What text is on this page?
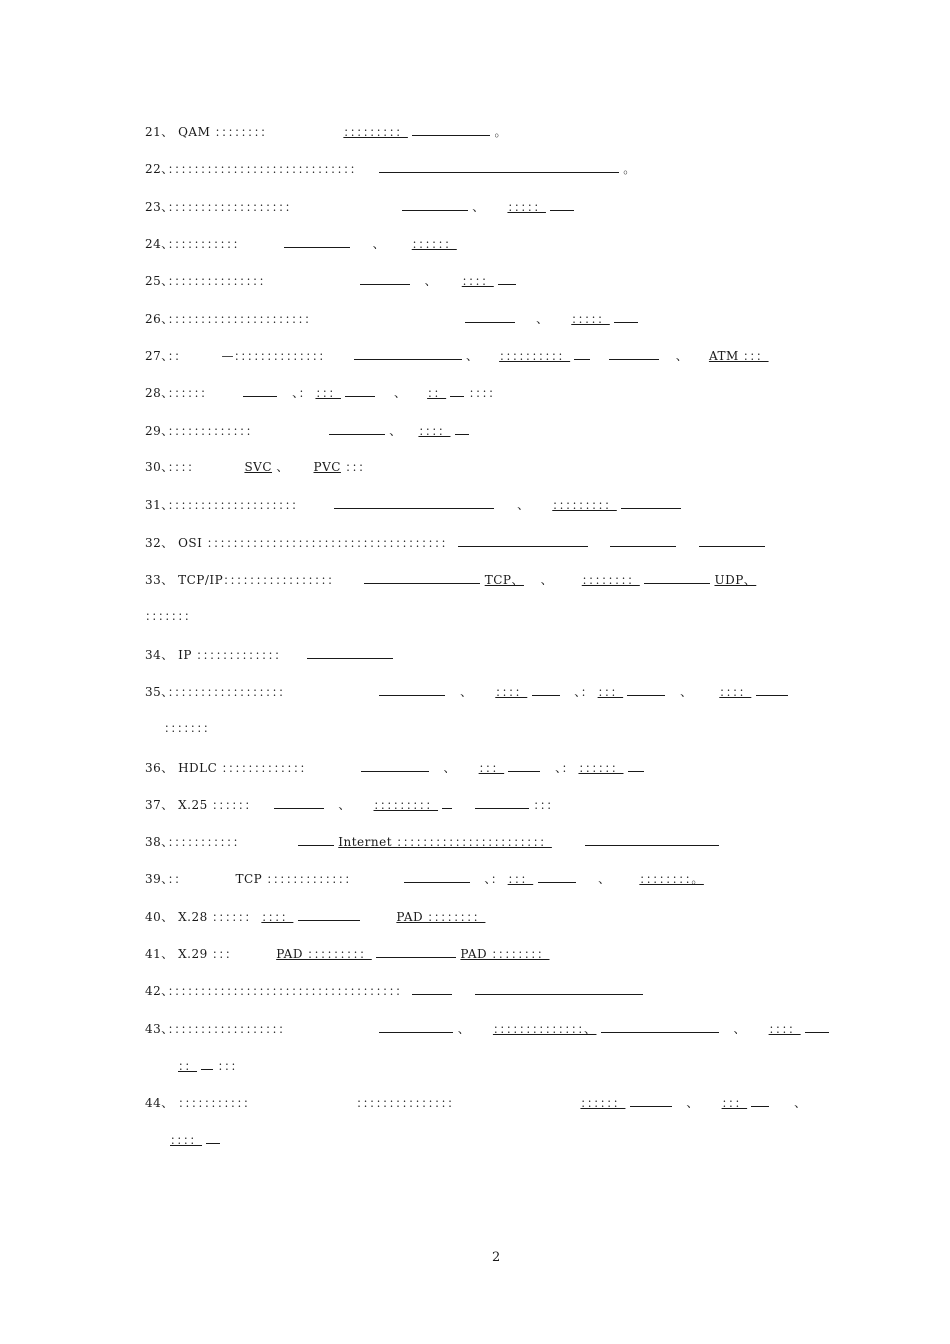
21、 QAM ：：：：：：：：	：：：：：：：：：	。
22、：：：：：：：：：：：：：：：：：：：：：：：：：：：：：	。
23、：：：：：：：：：：：：：：：：：：：	、 ：：：：：
24、：：：：：：：：：：：	、 ：：：：：：
25、：：：：：：：：：：：：：：：	、 ：：：：
26、：：：：：：：：：：：：：：：：：：：：：：	、 ：：：：：
27、：：	—：：：：：：：：：：：：：：	、 ：：：：：：：：：：	、 ATM ：：：
28、：：：：：：	、： ：：：	、 ：： ：：：：
29、：：：：：：：：：：：：：	、 ：：：：
30、：：：：	SVC 、 PVC ：：：
31、：：：：：：：：：：：：：：：：：：：：	、 ：：：：：：：：：
32、 OSI ：：：：：：：：：：：：：：：：：：：：：：：：：：：：：：：：：：：：：
33、 TCP/IP：：：：：：：：：：：：：：：：：	TCP、 、 ：：：：：：：：	UDP、
：：：：：：：
34、 IP ：：：：：：：：：：：：：
35、：：：：：：：：：：：：：：：：：：	、 ：：：：	、： ：：：	、 ：：：：
：：：：：：：
36、 HDLC ：：：：：：：：：：：：：	、 ：：：	、： ：：：：：：
37、 X.25 ：：：：：：	、 ：：：：：：：：：	：：：
38、：：：：：：：：：：：	Internet ：：：：：：：：：：：：：：：：：：：：：：：
39、：：	TCP ：：：：：：：：：：：：：	、： ：：：	、 ：：：：：：：：。
40、 X.28 ：：：：：： ：：：：	PAD ：：：：：：：：
41、 X.29 ：：：	PAD ：：：：：：：：：	PAD ：：：：：：：：
42、：：：：：：：：：：：：：：：：：：：：：：：：：：：：：：：：：：：：
43、：：：：：：：：：：：：：：：：：：	、 ：：：：：：：：：：：：：：、	、 ：：：：
：： ：：：
44、 ：：：：：：：：：：：	：：：：：：：：：：：：：：：	：：：：：：	、 ：：：	、
：：：：
2
